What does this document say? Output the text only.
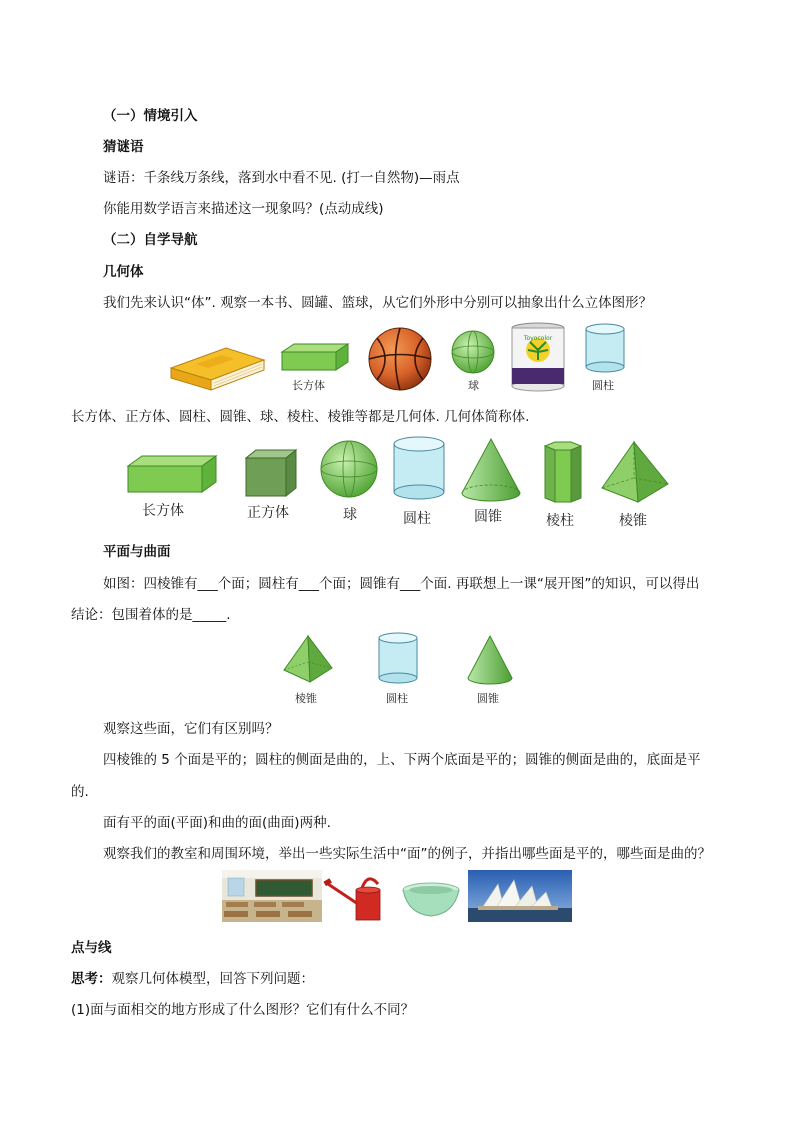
（一）情境引入
猜谜语
谜语：千条线万条线，落到水中看不见. (打一自然物)—雨点
你能用数学语言来描述这一现象吗？(点动成线)
（二）自学导航
几何体
我们先来认识“体”. 观察一本书、圆罐、篮球，从它们外形中分别可以抽象出什么立体图形？
长方体	球
Toyocolor
圆柱
长方体、正方体、圆柱、圆锥、球、棱柱、棱锥等都是几何体. 几何体简称体.
长方体	正方体	球	圆柱	圆锥	棱柱	棱锥
平面与曲面
如图：四棱锥有___个面；圆柱有___个面；圆锥有___个面. 再联想上一课“展开图”的知识，可以得出
结论：包围着体的是_____.
棱锥	圆柱	圆锥
观察这些面，它们有区别吗？
四棱锥的 5 个面是平的；圆柱的侧面是曲的，上、下两个底面是平的；圆锥的侧面是曲的，底面是平
的.
面有平的面(平面)和曲的面(曲面)两种.
观察我们的教室和周围环境，举出一些实际生活中“面”的例子，并指出哪些面是平的，哪些面是曲的？
点与线
思考：观察几何体模型，回答下列问题：
(1)面与面相交的地方形成了什么图形？它们有什么不同？
